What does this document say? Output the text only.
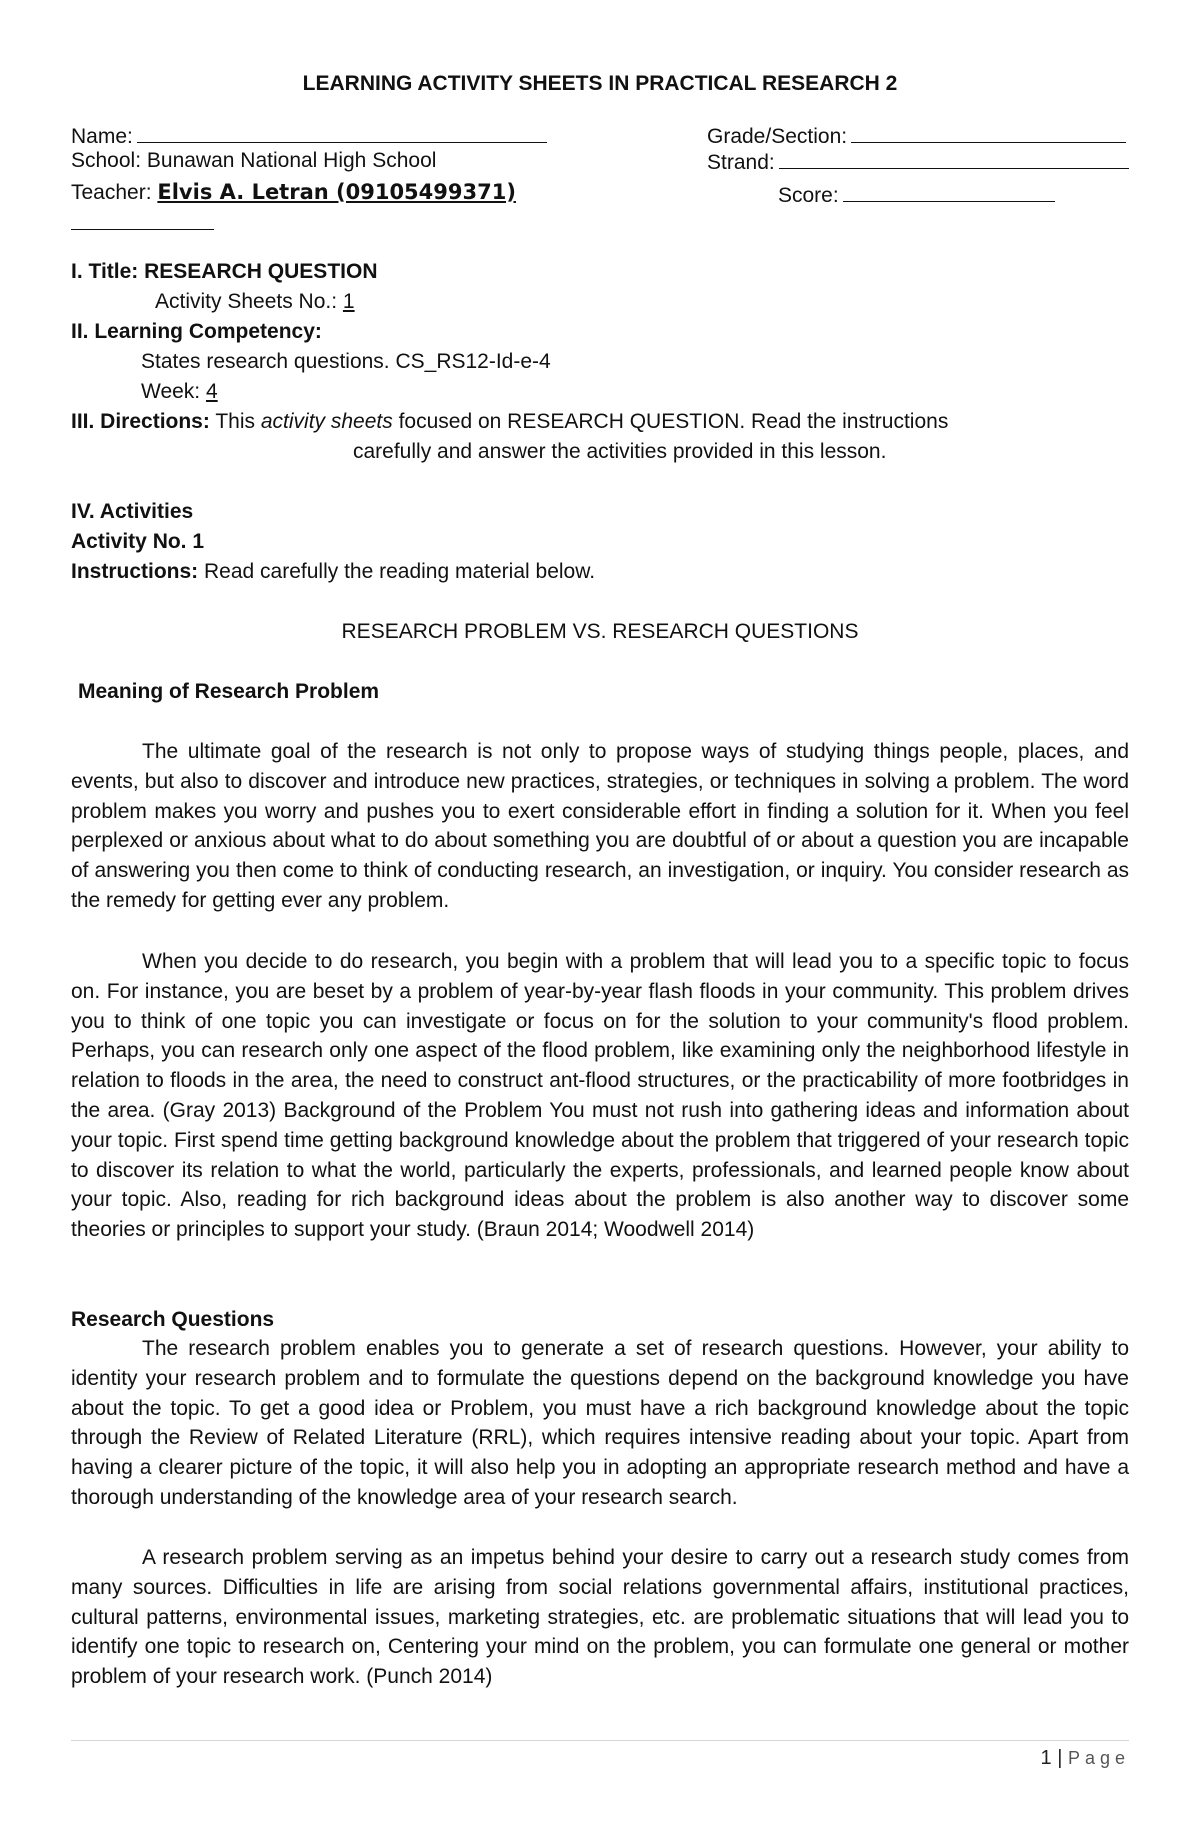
LEARNING ACTIVITY SHEETS IN PRACTICAL RESEARCH 2
Name:	Grade/Section:
School: Bunawan National High School	Strand:
Teacher: Elvis A. Letran (09105499371)	Score:
I. Title: RESEARCH QUESTION
Activity Sheets No.: 1
II. Learning Competency:
States research questions. CS_RS12-Id-e-4
Week: 4
III. Directions: This activity sheets focused on RESEARCH QUESTION. Read the instructions
carefully and answer the activities provided in this lesson.
IV. Activities
Activity No. 1
Instructions: Read carefully the reading material below.
RESEARCH PROBLEM VS. RESEARCH QUESTIONS
Meaning of Research Problem
The ultimate goal of the research is not only to propose ways of studying things people, places, and events, but also to discover and introduce new practices, strategies, or techniques in solving a problem. The word problem makes you worry and pushes you to exert considerable effort in finding a solution for it. When you feel perplexed or anxious about what to do about something you are doubtful of or about a question you are incapable of answering you then come to think of conducting research, an investigation, or inquiry. You consider research as the remedy for getting ever any problem.
When you decide to do research, you begin with a problem that will lead you to a specific topic to focus on. For instance, you are beset by a problem of year-by-year flash floods in your community. This problem drives you to think of one topic you can investigate or focus on for the solution to your community's flood problem. Perhaps, you can research only one aspect of the flood problem, like examining only the neighborhood lifestyle in relation to floods in the area, the need to construct ant-flood structures, or the practicability of more footbridges in the area. (Gray 2013) Background of the Problem You must not rush into gathering ideas and information about your topic. First spend time getting background knowledge about the problem that triggered of your research topic to discover its relation to what the world, particularly the experts, professionals, and learned people know about your topic. Also, reading for rich background ideas about the problem is also another way to discover some theories or principles to support your study. (Braun 2014; Woodwell 2014)
Research Questions
The research problem enables you to generate a set of research questions. However, your ability to identity your research problem and to formulate the questions depend on the background knowledge you have about the topic. To get a good idea or Problem, you must have a rich background knowledge about the topic through the Review of Related Literature (RRL), which requires intensive reading about your topic. Apart from having a clearer picture of the topic, it will also help you in adopting an appropriate research method and have a thorough understanding of the knowledge area of your research search.
A research problem serving as an impetus behind your desire to carry out a research study comes from many sources. Difficulties in life are arising from social relations governmental affairs, institutional practices, cultural patterns, environmental issues, marketing strategies, etc. are problematic situations that will lead you to identify one topic to research on, Centering your mind on the problem, you can formulate one general or mother problem of your research work. (Punch 2014)
1 | Page
